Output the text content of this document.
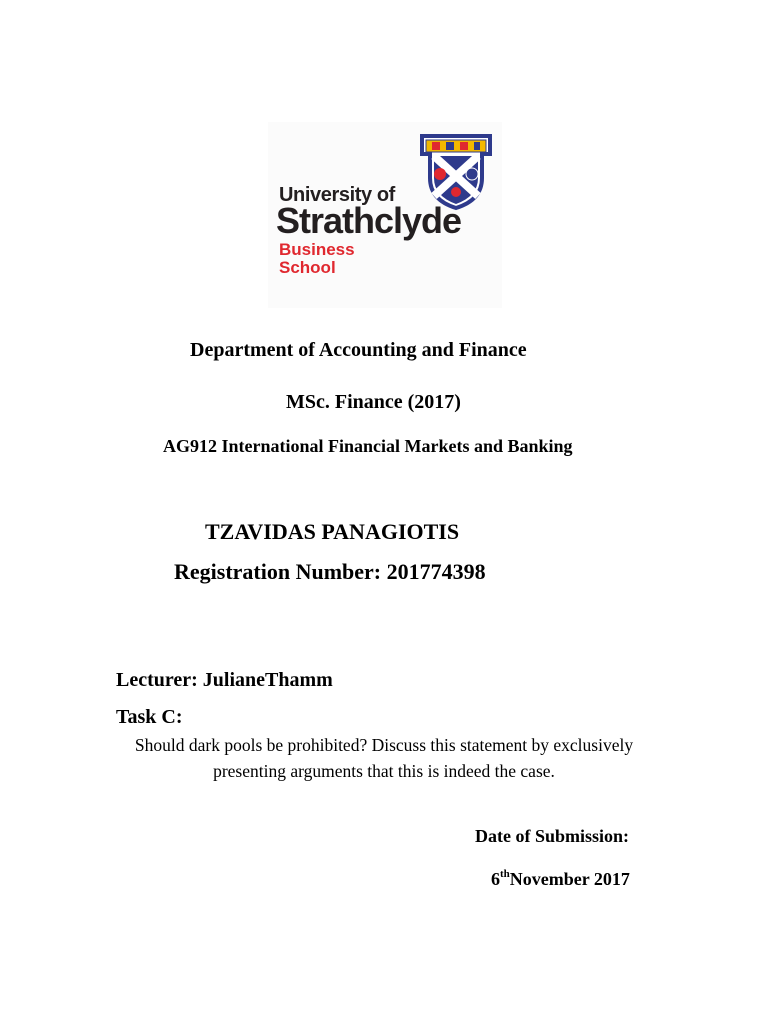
University of
Strathclyde
Business
School
Department of Accounting and Finance
MSc. Finance (2017)
AG912 International Financial Markets and Banking
TZAVIDAS PANAGIOTIS
Registration Number: 201774398
Lecturer: JulianeThamm
Task C:
Should dark pools be prohibited? Discuss this statement by exclusively presenting arguments that this is indeed the case.
Date of Submission:
6thNovember 2017
